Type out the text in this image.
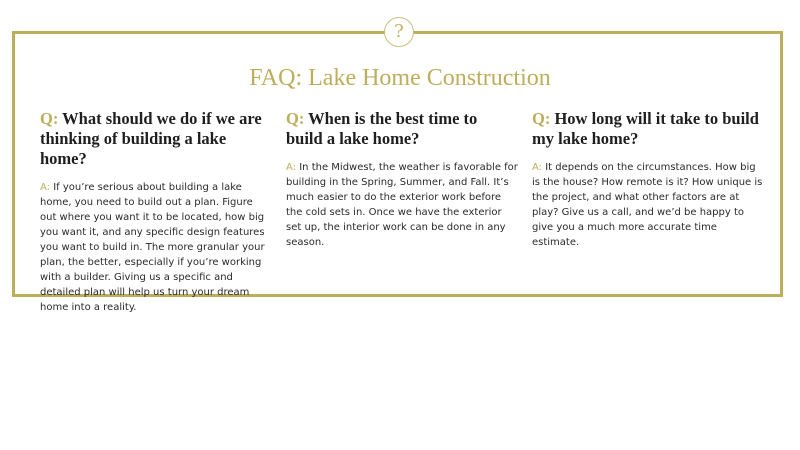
?
FAQ: Lake Home Construction

Q: What should we do if we are thinking of building a lake home?

A: If you’re serious about building a lake home, you need to build out a plan. Figure out where you want it to be located, how big you want it, and any specific design features you want to build in. The more granular your plan, the better, especially if you’re working with a builder. Giving us a specific and detailed plan will help us turn your dream home into a reality.

Q: When is the best time to build a lake home?

A: In the Midwest, the weather is favorable for building in the Spring, Summer, and Fall. It’s much easier to do the exterior work before the cold sets in. Once we have the exterior set up, the interior work can be done in any season.

Q: How long will it take to build my lake home?

A: It depends on the circumstances. How big is the house? How remote is it? How unique is the project, and what other factors are at play? Give us a call, and we’d be happy to give you a much more accurate time estimate.
